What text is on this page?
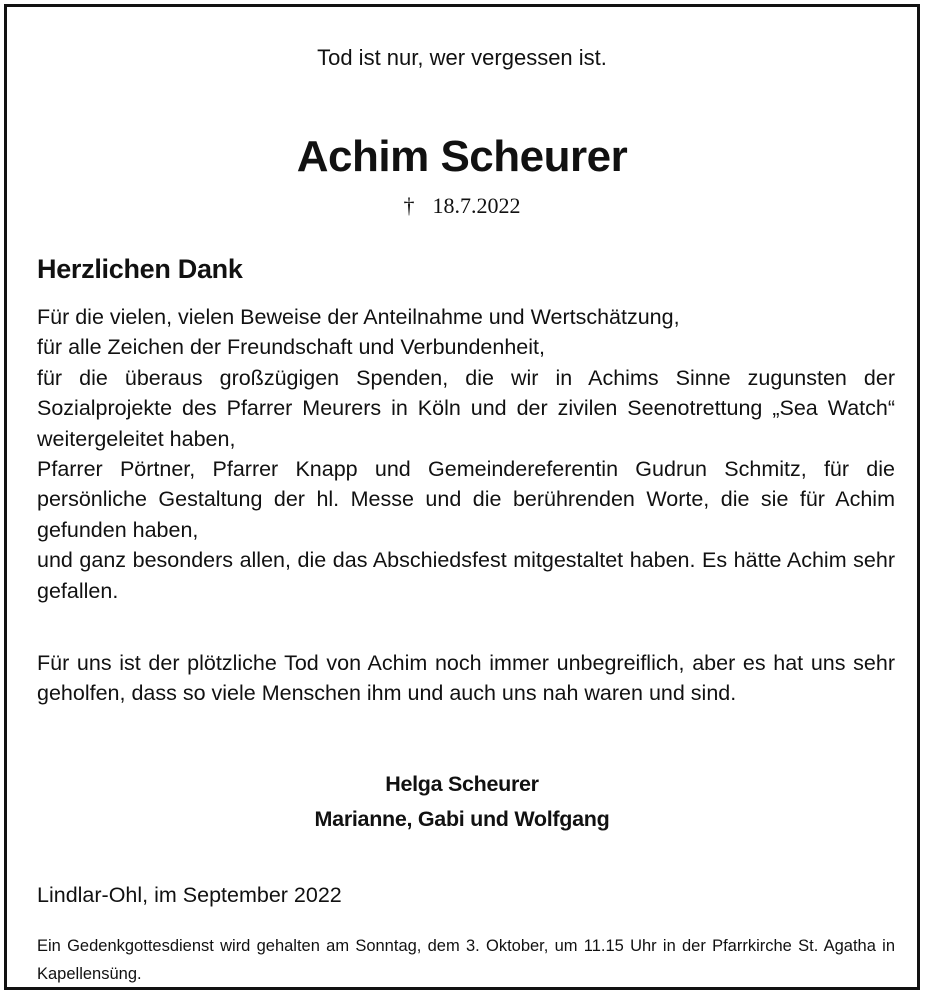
Tod ist nur, wer vergessen ist.
Achim Scheurer
† 18.7.2022
Herzlichen Dank

Für die vielen, vielen Beweise der Anteilnahme und Wertschätzung,

für alle Zeichen der Freundschaft und Verbundenheit,

für die überaus großzügigen Spenden, die wir in Achims Sinne zugunsten der Sozialprojekte des Pfarrer Meurers in Köln und der zivilen Seenotrettung „Sea Watch“ weitergeleitet haben,

Pfarrer Pörtner, Pfarrer Knapp und Gemeindereferentin Gudrun Schmitz, für die persönliche Gestaltung der hl. Messe und die berührenden Worte, die sie für Achim gefunden haben,

und ganz besonders allen, die das Abschiedsfest mitgestaltet haben. Es hätte Achim sehr gefallen.

Für uns ist der plötzliche Tod von Achim noch immer unbegreiflich, aber es hat uns sehr geholfen, dass so viele Menschen ihm und auch uns nah waren und sind.

Helga Scheurer
Marianne, Gabi und Wolfgang
Lindlar-Ohl, im September 2022
Ein Gedenkgottesdienst wird gehalten am Sonntag, dem 3. Oktober, um 11.15 Uhr in der Pfarrkirche St. Agatha in Kapellensüng.
